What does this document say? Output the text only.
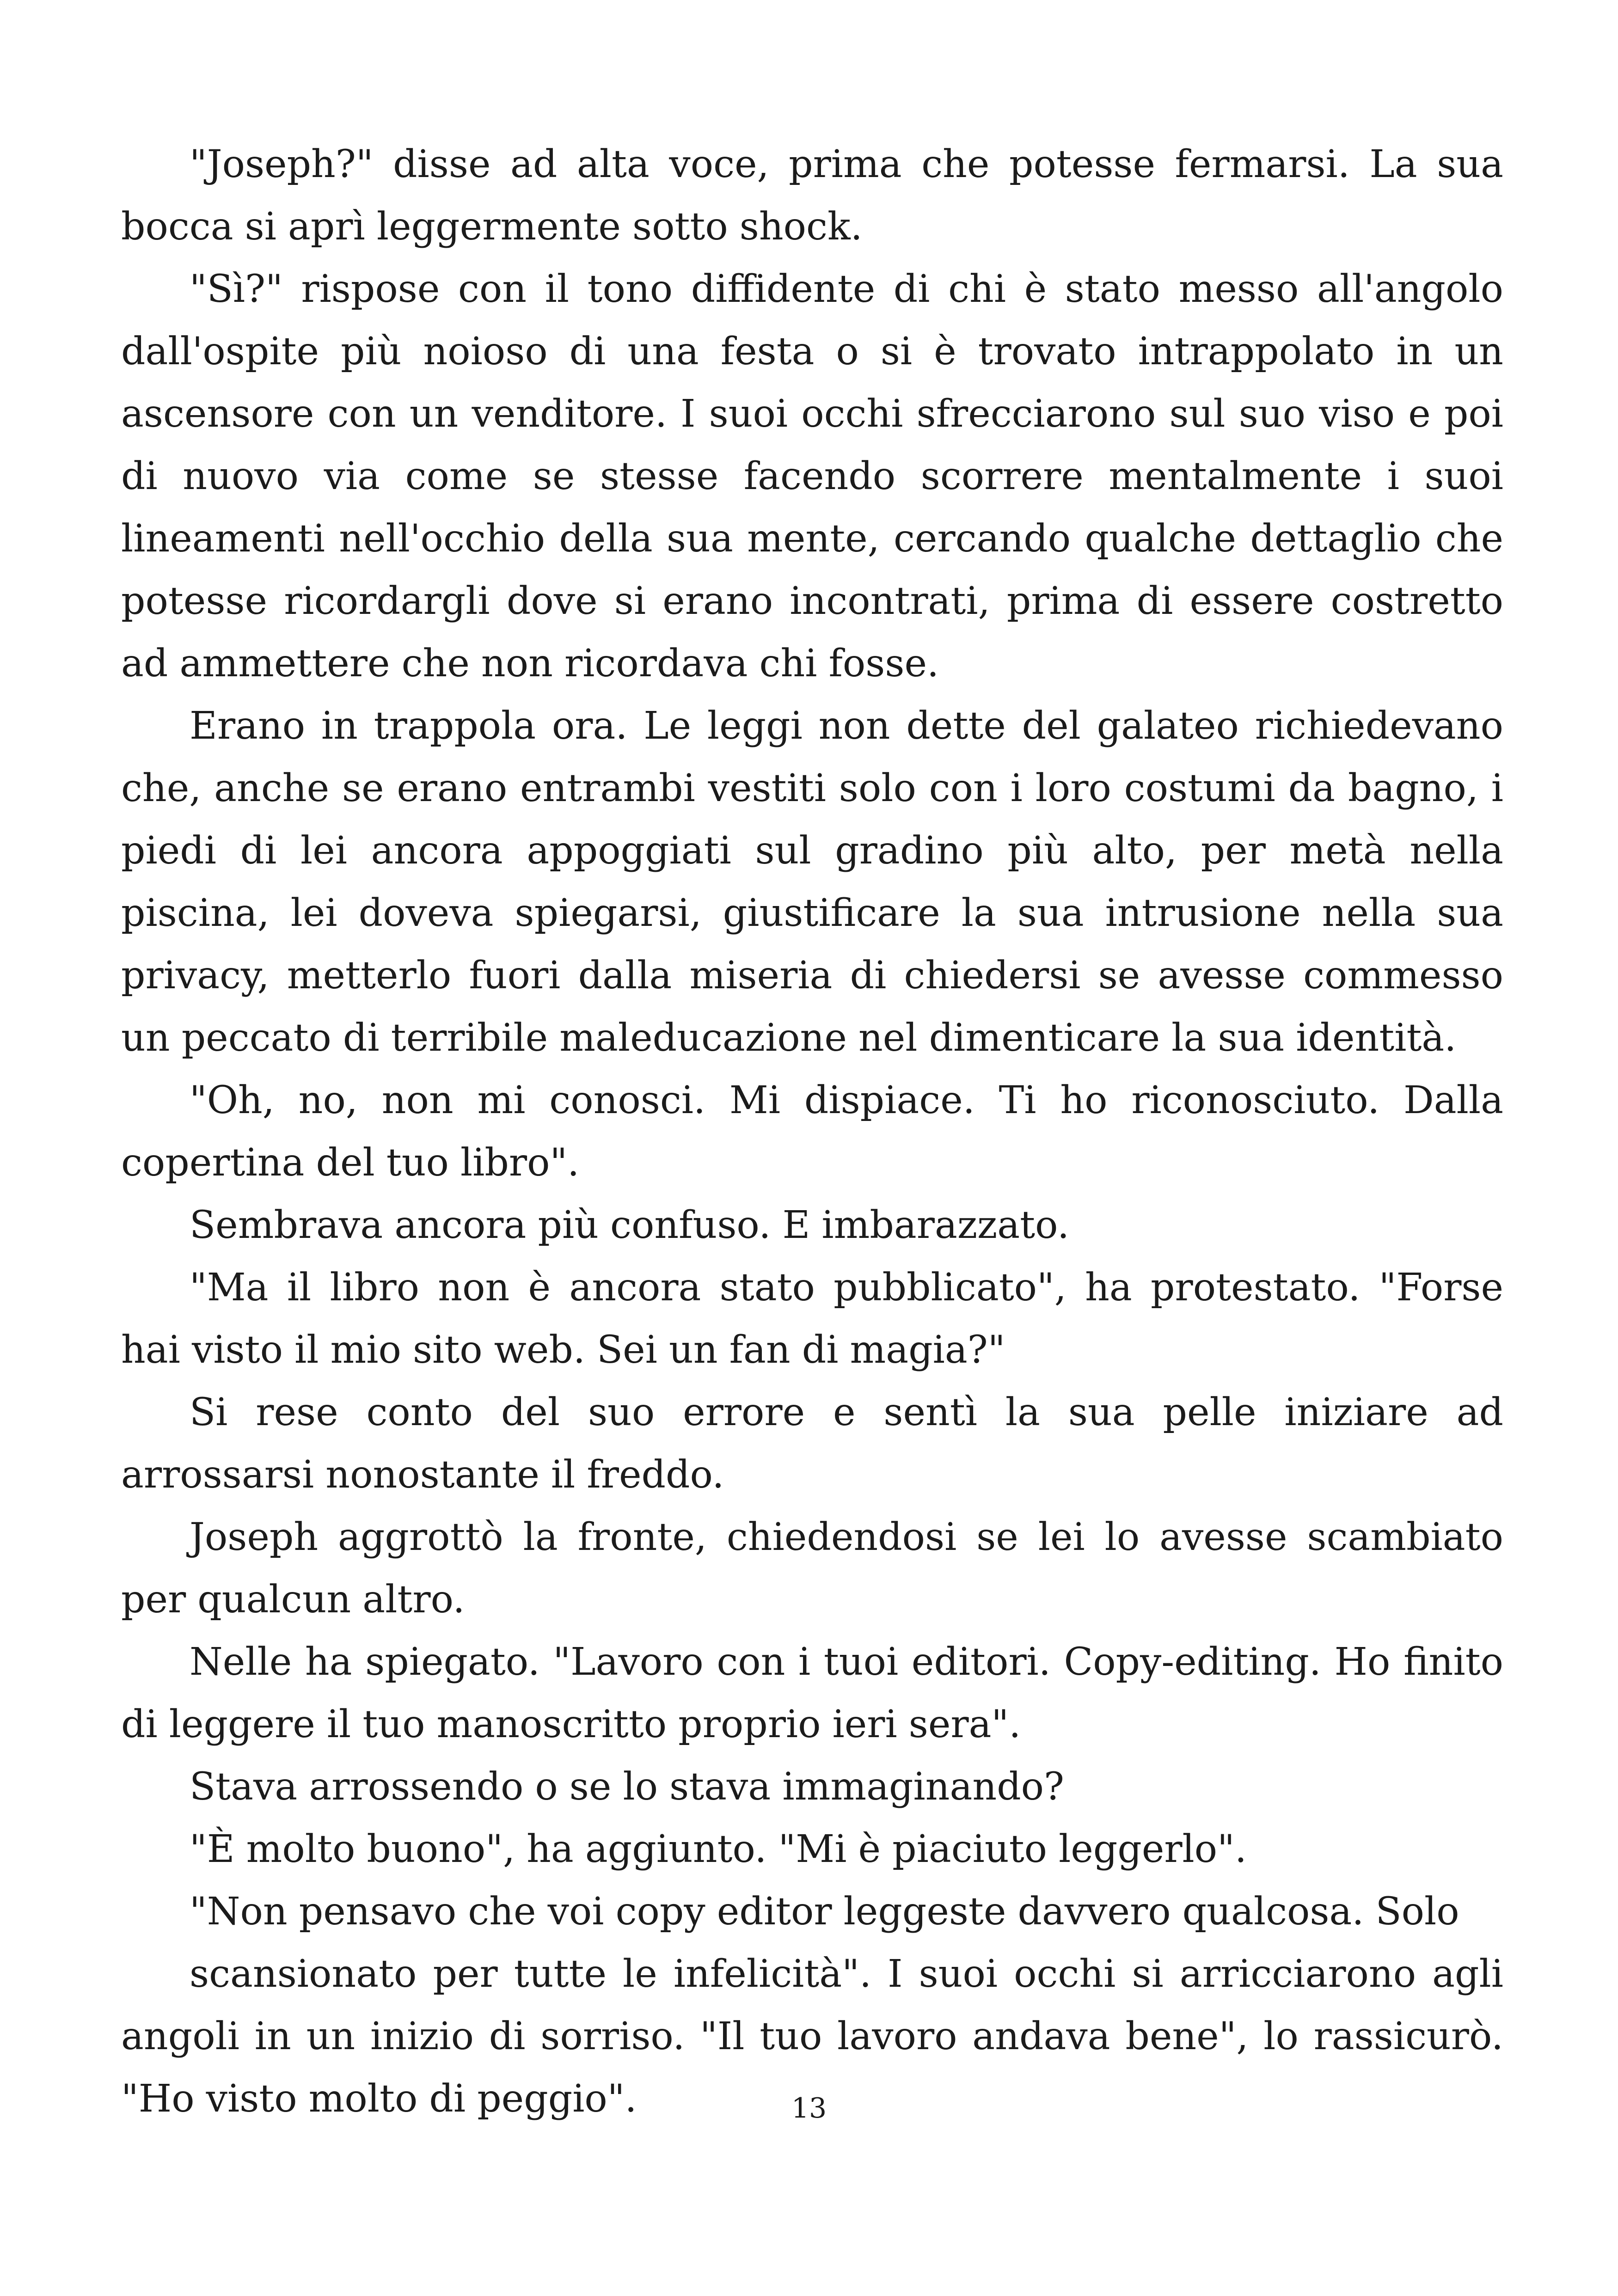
"Joseph?" disse ad alta voce, prima che potesse fermarsi. La sua bocca si aprì leggermente sotto shock.

"Sì?" rispose con il tono diffidente di chi è stato messo all'angolo dall'ospite più noioso di una festa o si è trovato intrappolato in un ascensore con un venditore. I suoi occhi sfrecciarono sul suo viso e poi di nuovo via come se stesse facendo scorrere mentalmente i suoi lineamenti nell'occhio della sua mente, cercando qualche dettaglio che potesse ricordargli dove si erano incontrati, prima di essere costretto ad ammettere che non ricordava chi fosse.

Erano in trappola ora. Le leggi non dette del galateo richiedevano che, anche se erano entrambi vestiti solo con i loro costumi da bagno, i piedi di lei ancora appoggiati sul gradino più alto, per metà nella piscina, lei doveva spiegarsi, giustificare la sua intrusione nella sua privacy, metterlo fuori dalla miseria di chiedersi se avesse commesso un peccato di terribile maleducazione nel dimenticare la sua identità.

"Oh, no, non mi conosci. Mi dispiace. Ti ho riconosciuto. Dalla copertina del tuo libro".

Sembrava ancora più confuso. E imbarazzato.

"Ma il libro non è ancora stato pubblicato", ha protestato. "Forse hai visto il mio sito web. Sei un fan di magia?"

Si rese conto del suo errore e sentì la sua pelle iniziare ad arrossarsi nonostante il freddo.

Joseph aggrottò la fronte, chiedendosi se lei lo avesse scambiato per qualcun altro.

Nelle ha spiegato. "Lavoro con i tuoi editori. Copy-editing. Ho finito di leggere il tuo manoscritto proprio ieri sera".

Stava arrossendo o se lo stava immaginando?

"È molto buono", ha aggiunto. "Mi è piaciuto leggerlo".

"Non pensavo che voi copy editor leggeste davvero qualcosa. Solo

scansionato per tutte le infelicità". I suoi occhi si arricciarono agli angoli in un inizio di sorriso. "Il tuo lavoro andava bene", lo rassicurò. "Ho visto molto di peggio".	13
